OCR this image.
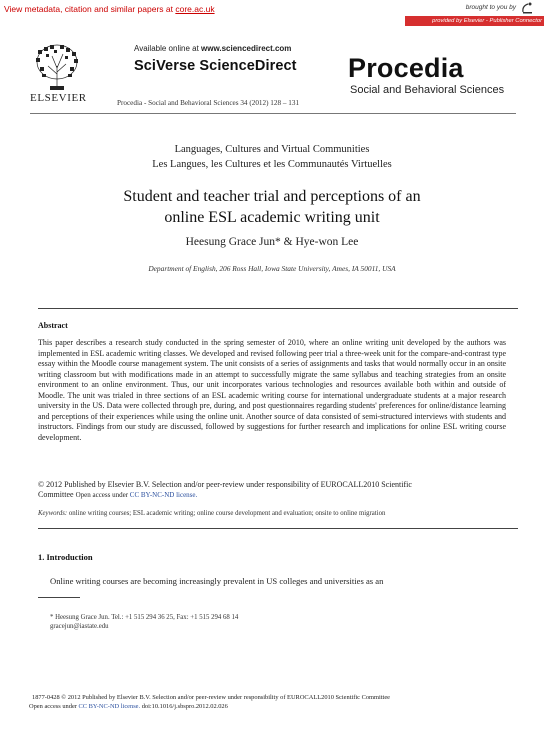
View metadata, citation and similar papers at core.ac.uk	brought to you by
provided by Elsevier - Publisher Connector
ELSEVIER
Available online at www.sciencedirect.com
SciVerse ScienceDirect Procedia
Social and Behavioral Sciences
Procedia - Social and Behavioral Sciences 34 (2012) 128 – 131
Languages, Cultures and Virtual Communities
Les Langues, les Cultures et les Communautés Virtuelles
Student and teacher trial and perceptions of an
online ESL academic writing unit
Heesung Grace Jun* & Hye-won Lee
Department of English, 206 Ross Hall, Iowa State University, Ames, IA 50011, USA
Abstract
This paper describes a research study conducted in the spring semester of 2010, where an online writing unit developed by the authors was implemented in ESL academic writing classes. We developed and revised following peer trial a three-week unit for the compare-and-contrast type essay within the Moodle course management system. The unit consists of a series of assignments and tasks that would normally occur in an onsite writing classroom but with modifications made in an attempt to successfully migrate the same syllabus and teaching strategies from an onsite environment to an online environment. Thus, our unit incorporates various technologies and resources available both within and outside of Moodle. The unit was trialed in three sections of an ESL academic writing course for international undergraduate students at a major research university in the US. Data were collected through pre, during, and post questionnaires regarding students' preferences for online/distance learning and perceptions of their experiences while using the online unit. Another source of data consisted of semi-structured interviews with students and instructors. Findings from our study are discussed, followed by suggestions for further research and implications for online ESL writing course development.
© 2012 Published by Elsevier B.V. Selection and/or peer-review under responsibility of EUROCALL2010 Scientific
Committee Open access under CC BY-NC-ND license.
Keywords: online writing courses; ESL academic writing; online course development and evaluation; onsite to online migration
1. Introduction
Online writing courses are becoming increasingly prevalent in US colleges and universities as an
* Heesung Grace Jun. Tel.: +1 515 294 36 25, Fax: +1 515 294 68 14
gracejun@iastate.edu
1877-0428 © 2012 Published by Elsevier B.V. Selection and/or peer-review under responsibility of EUROCALL2010 Scientific Committee
Open access under CC BY-NC-ND license. doi:10.1016/j.sbspro.2012.02.026
